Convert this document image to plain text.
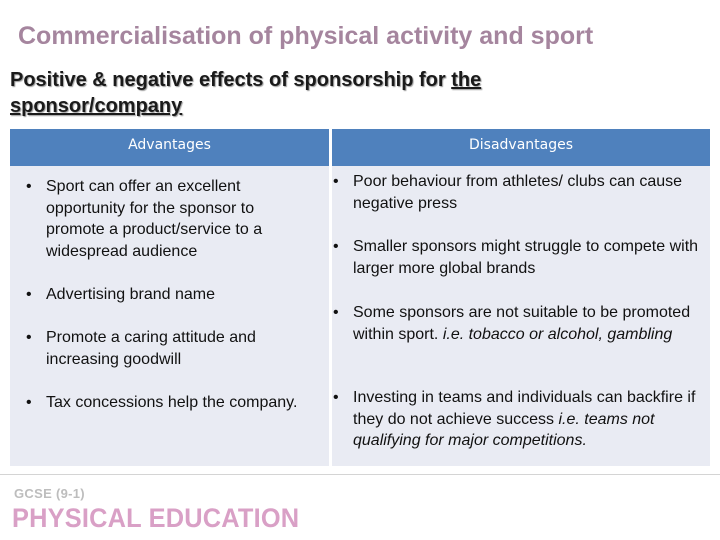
Commercialisation of physical activity and sport
Positive & negative effects of sponsorship for the sponsor/company
Advantages	Disadvantages
• Sport can offer an excellent opportunity for the sponsor to promote a product/service to a widespread audience
• Advertising brand name
• Promote a caring attitude and increasing goodwill
• Tax concessions help the company.
• Poor behaviour from athletes/ clubs can cause negative press
• Smaller sponsors might struggle to compete with larger more global brands
• Some sponsors are not suitable to be promoted within sport. i.e. tobacco or alcohol, gambling
• Investing in teams and individuals can backfire if they do not achieve success i.e. teams not qualifying for major competitions.
GCSE (9-1)
PHYSICAL EDUCATION
